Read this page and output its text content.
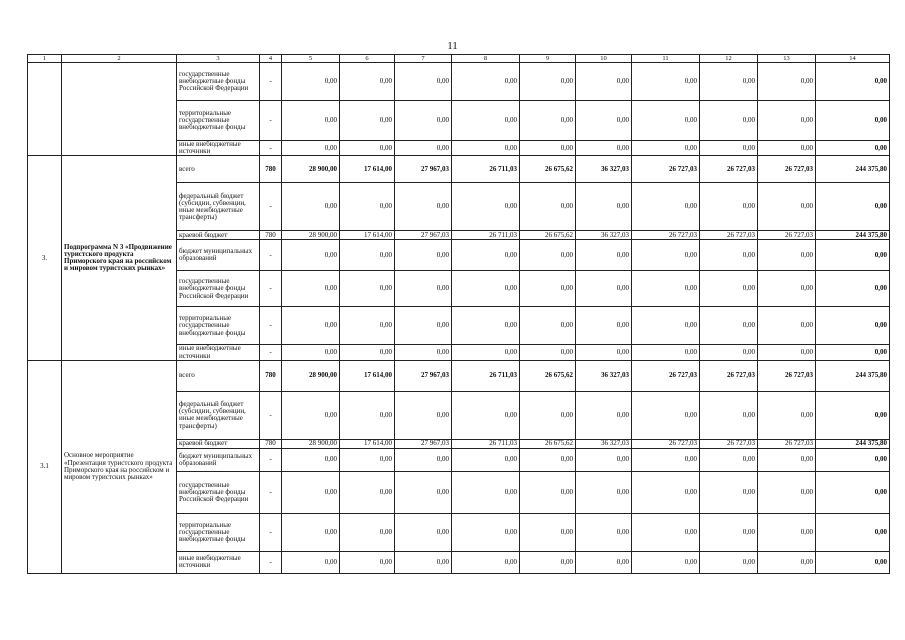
11
1	2	3	4	5	6	7	8	9	10	11	12	13	14
		государственные внебюджетные фонды Российской Федерации	-	0,00	0,00	0,00	0,00	0,00	0,00	0,00	0,00	0,00	0,00
		территориальные государственные внебюджетные фонды	-	0,00	0,00	0,00	0,00	0,00	0,00	0,00	0,00	0,00	0,00
		иные внебюджетные источники	-	0,00	0,00	0,00	0,00	0,00	0,00	0,00	0,00	0,00	0,00
3.	Подпрограмма N 3 «Продвижение туристского продукта Приморского края на российском и мировом туристских рынках»	всего	780	28 900,00	17 614,00	27 967,03	26 711,03	26 675,62	36 327,03	26 727,03	26 727,03	26 727,03	244 375,80
		федеральный бюджет (субсидии, субвенции, иные межбюджетные трансферты)	-	0,00	0,00	0,00	0,00	0,00	0,00	0,00	0,00	0,00	0,00
		краевой бюджет	780	28 900,00	17 614,00	27 967,03	26 711,03	26 675,62	36 327,03	26 727,03	26 727,03	26 727,03	244 375,80
		бюджет муниципальных образований	-	0,00	0,00	0,00	0,00	0,00	0,00	0,00	0,00	0,00	0,00
		государственные внебюджетные фонды Российской Федерации	-	0,00	0,00	0,00	0,00	0,00	0,00	0,00	0,00	0,00	0,00
		территориальные государственные внебюджетные фонды	-	0,00	0,00	0,00	0,00	0,00	0,00	0,00	0,00	0,00	0,00
		иные внебюджетные источники	-	0,00	0,00	0,00	0,00	0,00	0,00	0,00	0,00	0,00	0,00
3.1	Основное мероприятие «Презентация туристского продукта Приморского края на российском и мировом туристских рынках»	всего	780	28 900,00	17 614,00	27 967,03	26 711,03	26 675,62	36 327,03	26 727,03	26 727,03	26 727,03	244 375,80
		федеральный бюджет (субсидии, субвенции, иные межбюджетные трансферты)	-	0,00	0,00	0,00	0,00	0,00	0,00	0,00	0,00	0,00	0,00
		краевой бюджет	780	28 900,00	17 614,00	27 967,03	26 711,03	26 675,62	36 327,03	26 727,03	26 727,03	26 727,03	244 375,80
		бюджет муниципальных образований	-	0,00	0,00	0,00	0,00	0,00	0,00	0,00	0,00	0,00	0,00
		государственные внебюджетные фонды Российской Федерации	-	0,00	0,00	0,00	0,00	0,00	0,00	0,00	0,00	0,00	0,00
		территориальные государственные внебюджетные фонды	-	0,00	0,00	0,00	0,00	0,00	0,00	0,00	0,00	0,00	0,00
		иные внебюджетные источники	-	0,00	0,00	0,00	0,00	0,00	0,00	0,00	0,00	0,00	0,00
